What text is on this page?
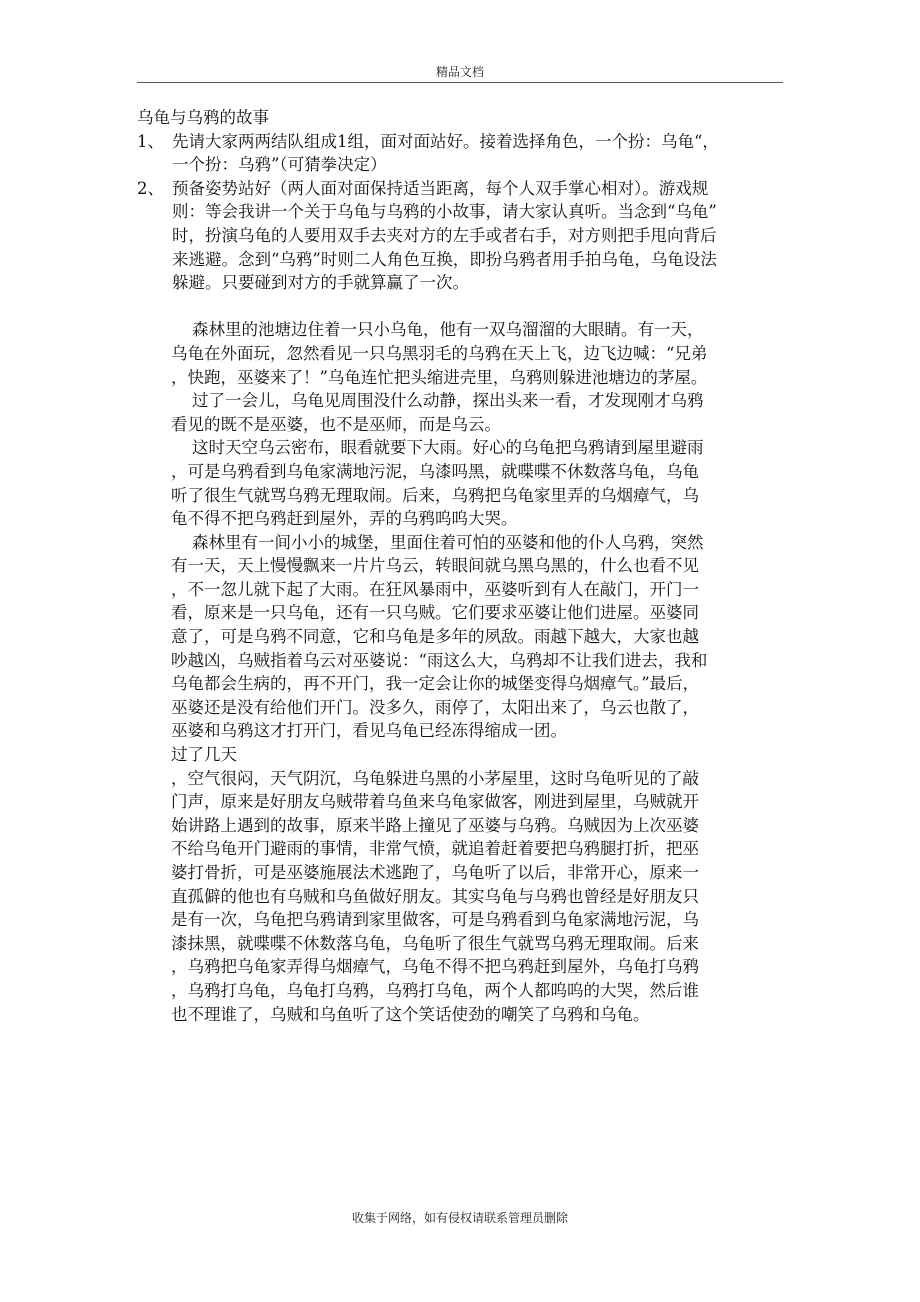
精品文档

乌龟与乌鸦的故事

1、 先请大家两两结队组成1组，面对面站好。接着选择角色，一个扮：乌龟“，
一个扮：乌鸦”（可猜拳决定）
2、 预备姿势站好（两人面对面保持适当距离，每个人双手掌心相对）。游戏规
则：等会我讲一个关于乌龟与乌鸦的小故事，请大家认真听。当念到“乌龟”
时，扮演乌龟的人要用双手去夹对方的左手或者右手，对方则把手甩向背后
来逃避。念到“乌鸦”时则二人角色互换，即扮乌鸦者用手拍乌龟，乌龟设法
躲避。只要碰到对方的手就算赢了一次。
森林里的池塘边住着一只小乌龟，他有一双乌溜溜的大眼睛。有一天，
乌龟在外面玩，忽然看见一只乌黑羽毛的乌鸦在天上飞，边飞边喊：“兄弟
，快跑，巫婆来了！”乌龟连忙把头缩进壳里，乌鸦则躲进池塘边的茅屋。
过了一会儿，乌龟见周围没什么动静，探出头来一看，才发现刚才乌鸦
看见的既不是巫婆，也不是巫师，而是乌云。
这时天空乌云密布，眼看就要下大雨。好心的乌龟把乌鸦请到屋里避雨
，可是乌鸦看到乌龟家满地污泥，乌漆吗黑，就喋喋不休数落乌龟，乌龟
听了很生气就骂乌鸦无理取闹。后来，乌鸦把乌龟家里弄的乌烟瘴气，乌
龟不得不把乌鸦赶到屋外，弄的乌鸦呜呜大哭。
森林里有一间小小的城堡，里面住着可怕的巫婆和他的仆人乌鸦，突然
有一天，天上慢慢飘来一片片乌云，转眼间就乌黑乌黑的，什么也看不见
，不一忽儿就下起了大雨。在狂风暴雨中，巫婆听到有人在敲门，开门一
看，原来是一只乌龟，还有一只乌贼。它们要求巫婆让他们进屋。巫婆同
意了，可是乌鸦不同意，它和乌龟是多年的夙敌。雨越下越大，大家也越
吵越凶，乌贼指着乌云对巫婆说：“雨这么大，乌鸦却不让我们进去，我和
乌龟都会生病的，再不开门，我一定会让你的城堡变得乌烟瘴气。”最后，
巫婆还是没有给他们开门。没多久，雨停了，太阳出来了，乌云也散了，
巫婆和乌鸦这才打开门，看见乌龟已经冻得缩成一团。
过了几天
，空气很闷，天气阴沉，乌龟躲进乌黑的小茅屋里，这时乌龟听见的了敲
门声，原来是好朋友乌贼带着乌鱼来乌龟家做客，刚进到屋里，乌贼就开
始讲路上遇到的故事，原来半路上撞见了巫婆与乌鸦。乌贼因为上次巫婆
不给乌龟开门避雨的事情，非常气愤，就追着赶着要把乌鸦腿打折，把巫
婆打骨折，可是巫婆施展法术逃跑了，乌龟听了以后，非常开心，原来一
直孤僻的他也有乌贼和乌鱼做好朋友。其实乌龟与乌鸦也曾经是好朋友只
是有一次，乌龟把乌鸦请到家里做客，可是乌鸦看到乌龟家满地污泥，乌
漆抹黑，就喋喋不休数落乌龟，乌龟听了很生气就骂乌鸦无理取闹。后来
，乌鸦把乌龟家弄得乌烟瘴气，乌龟不得不把乌鸦赶到屋外，乌龟打乌鸦
，乌鸦打乌龟，乌龟打乌鸦，乌鸦打乌龟，两个人都呜呜的大哭，然后谁
也不理谁了，乌贼和乌鱼听了这个笑话使劲的嘲笑了乌鸦和乌龟。
收集于网络，如有侵权请联系管理员删除
